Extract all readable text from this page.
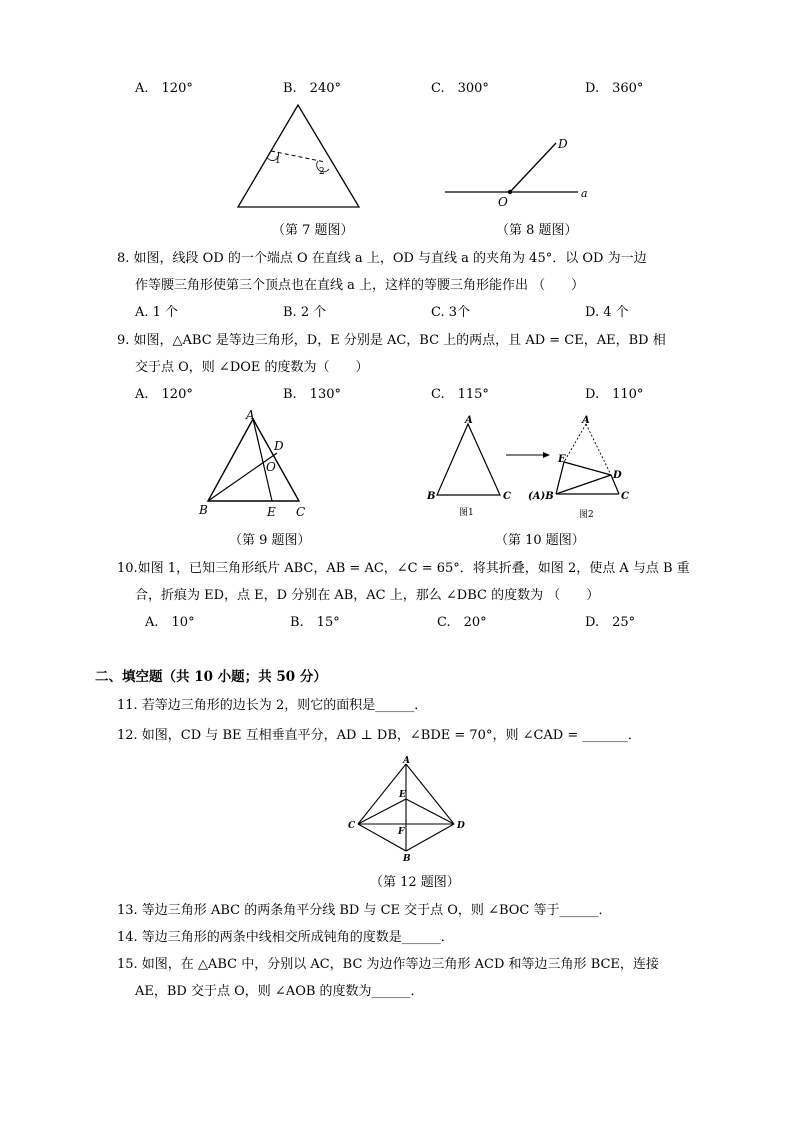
A.　120°	B.　240°	C.　300°	D.　360°
1
2
（第 7 题图）
D
O
a
（第 8 题图）
8. 如图，线段 OD 的一个端点 O 在直线 a 上，OD 与直线 a 的夹角为 45°．以 OD 为一边
作等腰三角形使第三个顶点也在直线 a 上，这样的等腰三角形能作出 （　　）
A. 1 个	B. 2 个	C. 3个	D. 4 个
9. 如图，△ABC 是等边三角形，D，E 分别是 AC，BC 上的两点，且 AD = CE，AE，BD 相
交于点 O，则 ∠DOE 的度数为（　　）
A.　120°	B.　130°	C.　115°	D.　110°
A
D
O
B	E C
（第 9 题图）
A
B	C
图1
A
E
D
(A)B	C
图2
（第 10 题图）
10.如图 1，已知三角形纸片 ABC，AB = AC，∠C = 65°．将其折叠，如图 2，使点 A 与点 B 重
合，折痕为 ED，点 E，D 分别在 AB，AC 上，那么 ∠DBC 的度数为 （　　）
A.　10°	B.　15°	C.　20°	D.　25°
二、填空题（共 10 小题；共 50 分）
11. 若等边三角形的边长为 2，则它的面积是______．
12. 如图，CD 与 BE 互相垂直平分，AD ⊥ DB，∠BDE = 70°，则 ∠CAD = _______．
A
E
C
F
D
B
（第 12 题图）
13. 等边三角形 ABC 的两条角平分线 BD 与 CE 交于点 O，则 ∠BOC 等于______．
14. 等边三角形的两条中线相交所成钝角的度数是______．
15. 如图，在 △ABC 中，分别以 AC，BC 为边作等边三角形 ACD 和等边三角形 BCE，连接
AE，BD 交于点 O，则 ∠AOB 的度数为______．
